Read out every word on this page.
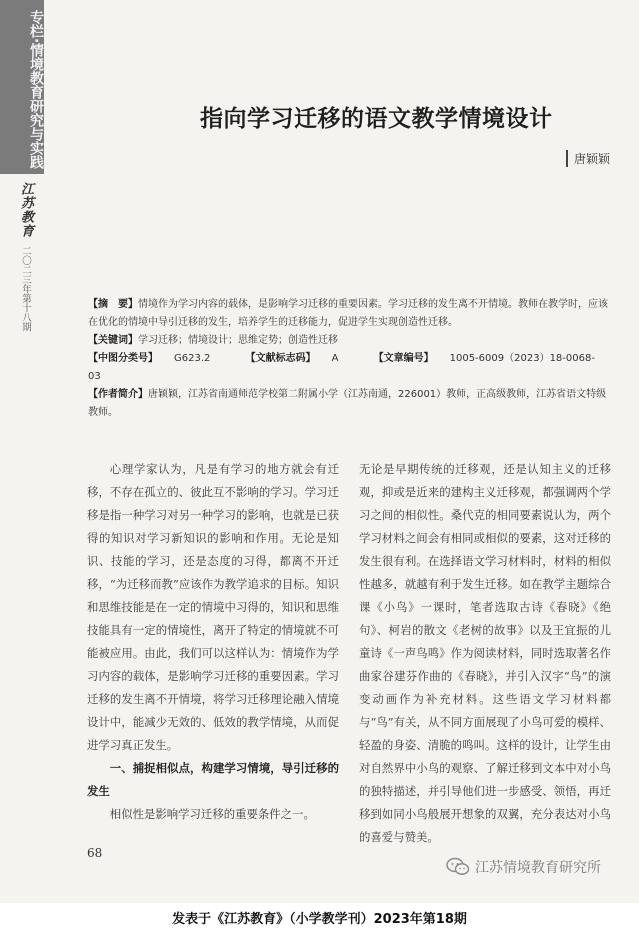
专栏·情境教育研究与实践
江苏教育
二〇二三年第十八期
指向学习迁移的语文教学情境设计
唐颖颖

【摘　要】情境作为学习内容的载体，是影响学习迁移的重要因素。学习迁移的发生离不开情境。教师在教学时，应该在优化的情境中导引迁移的发生，培养学生的迁移能力，促进学生实现创造性迁移。

【关键词】学习迁移；情境设计；思维定势；创造性迁移

【中图分类号】 G623.2	【文献标志码】 A	【文章编号】 1005-6009（2023）18-0068-03

【作者简介】唐颖颖，江苏省南通师范学校第二附属小学（江苏南通，226001）教师，正高级教师，江苏省语文特级教师。

心理学家认为，凡是有学习的地方就会有迁移，不存在孤立的、彼此互不影响的学习。学习迁移是指一种学习对另一种学习的影响，也就是已获得的知识对学习新知识的影响和作用。无论是知识、技能的学习，还是态度的习得，都离不开迁移，“为迁移而教”应该作为教学追求的目标。知识和思维技能是在一定的情境中习得的，知识和思维技能具有一定的情境性，离开了特定的情境就不可能被应用。由此，我们可以这样认为：情境作为学习内容的载体，是影响学习迁移的重要因素。学习迁移的发生离不开情境，将学习迁移理论融入情境设计中，能减少无效的、低效的教学情境，从而促进学习真正发生。

一、捕捉相似点，构建学习情境，导引迁移的发生

相似性是影响学习迁移的重要条件之一。

无论是早期传统的迁移观，还是认知主义的迁移观，抑或是近来的建构主义迁移观，都强调两个学习之间的相似性。桑代克的相同要素说认为，两个学习材料之间会有相同或相似的要素，这对迁移的发生很有利。在选择语文学习材料时，材料的相似性越多，就越有利于发生迁移。如在教学主题综合课《小鸟》一课时，笔者选取古诗《春晓》《绝句》、柯岩的散文《老树的故事》以及王宜振的儿童诗《一声鸟鸣》作为阅读材料，同时选取著名作曲家谷建芬作曲的《春晓》，并引入汉字“鸟”的演变动画作为补充材料。这些语文学习材料都与“鸟”有关，从不同方面展现了小鸟可爱的模样、轻盈的身姿、清脆的鸣叫。这样的设计，让学生由对自然界中小鸟的观察、了解迁移到文本中对小鸟的独特描述，并引导他们进一步感受、领悟，再迁移到如同小鸟般展开想象的双翼，充分表达对小鸟的喜爱与赞美。

68
江苏情境教育研究所
发表于《江苏教育》（小学教学刊）2023年第18期
